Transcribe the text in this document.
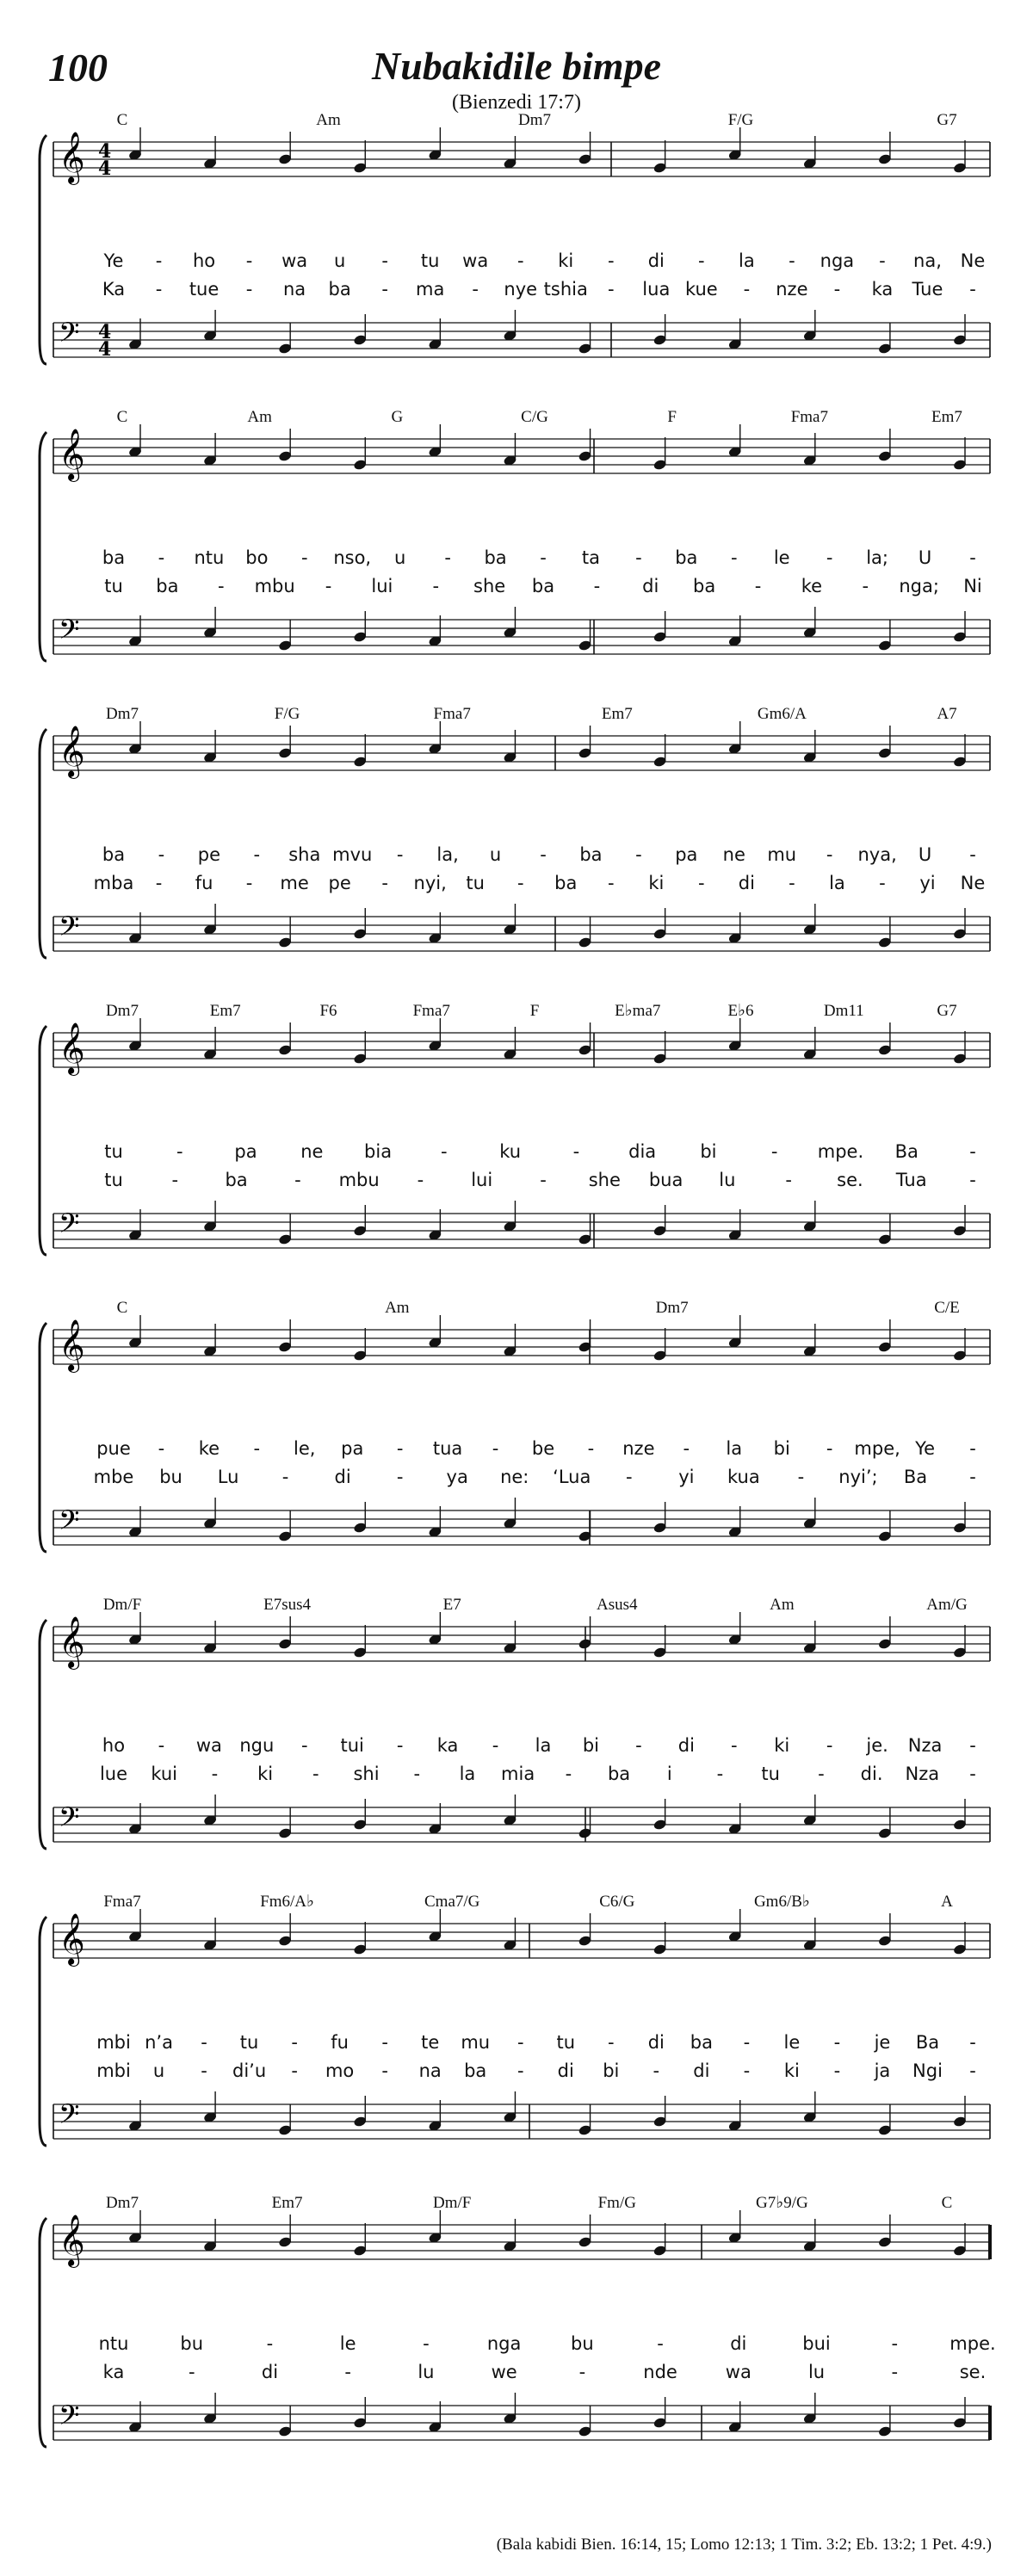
100	Nubakidile bimpe
(Bienzedi 17:7)
𝄞
𝄢
4
4
4
4
C	Am	Dm7	F/G	G7
Ye - ho - wa u - tu wa - ki - di - la - nga - na, Ne
Ka - tue - na ba - ma - nye tshia - lua kue - nze - ka Tue -
𝄞
𝄢
C	Am	G	C/G	F	Fma7	Em7
ba - ntu bo - nso, u - ba - ta - ba - le - la; U -
tu ba - mbu - lui - she ba - di ba - ke - nga; Ni
𝄞
𝄢
Dm7	F/G	Fma7	Em7	Gm6/A	A7
ba - pe - sha mvu - la, u - ba - pa ne mu - nya, U -
mba - fu - me pe - nyi, tu - ba - ki - di - la - yi Ne
𝄞
𝄢
Dm7	Em7	F6	Fma7	F	E♭ma7	E♭6	Dm11	G7
tu	-	pa ne bia	-	ku	-	dia bi	- mpe. Ba	-
tu	-	ba	- mbu -	lui	- she bua lu	- se. Tua -
𝄞
𝄢
C	Am	Dm7	C/E
pue - ke - le, pa - tua - be - nze - la bi - mpe, Ye -
mbe bu Lu -	di	- ya ne: ‘Lua -	yi kua - nyi’; Ba -
𝄞
𝄢
Dm/F	E7sus4	E7	Asus4	Am	Am/G
ho - wa ngu - tui - ka - la bi - di - ki - je. Nza -
lue kui - ki - shi - la mia - ba i - tu - di. Nza -
𝄞
𝄢
Fma7	Fm6/A♭	Cma7/G	C6/G	Gm6/B♭	A
mbi n’a - tu - fu - te mu - tu - di ba - le - je Ba -
mbi u - di’u - mo - na ba - di bi - di - ki - ja Ngi -
𝄞
𝄢
Dm7	Em7	Dm/F	Fm/G	G7♭9/G	C
ntu	bu	-	le	-	nga	bu	-	di	bui	-	mpe.
ka	-	di	-	lu	we	-	nde	wa	lu	-	se.
(Bala kabidi Bien. 16:14, 15; Lomo 12:13; 1 Tim. 3:2; Eb. 13:2; 1 Pet. 4:9.)
